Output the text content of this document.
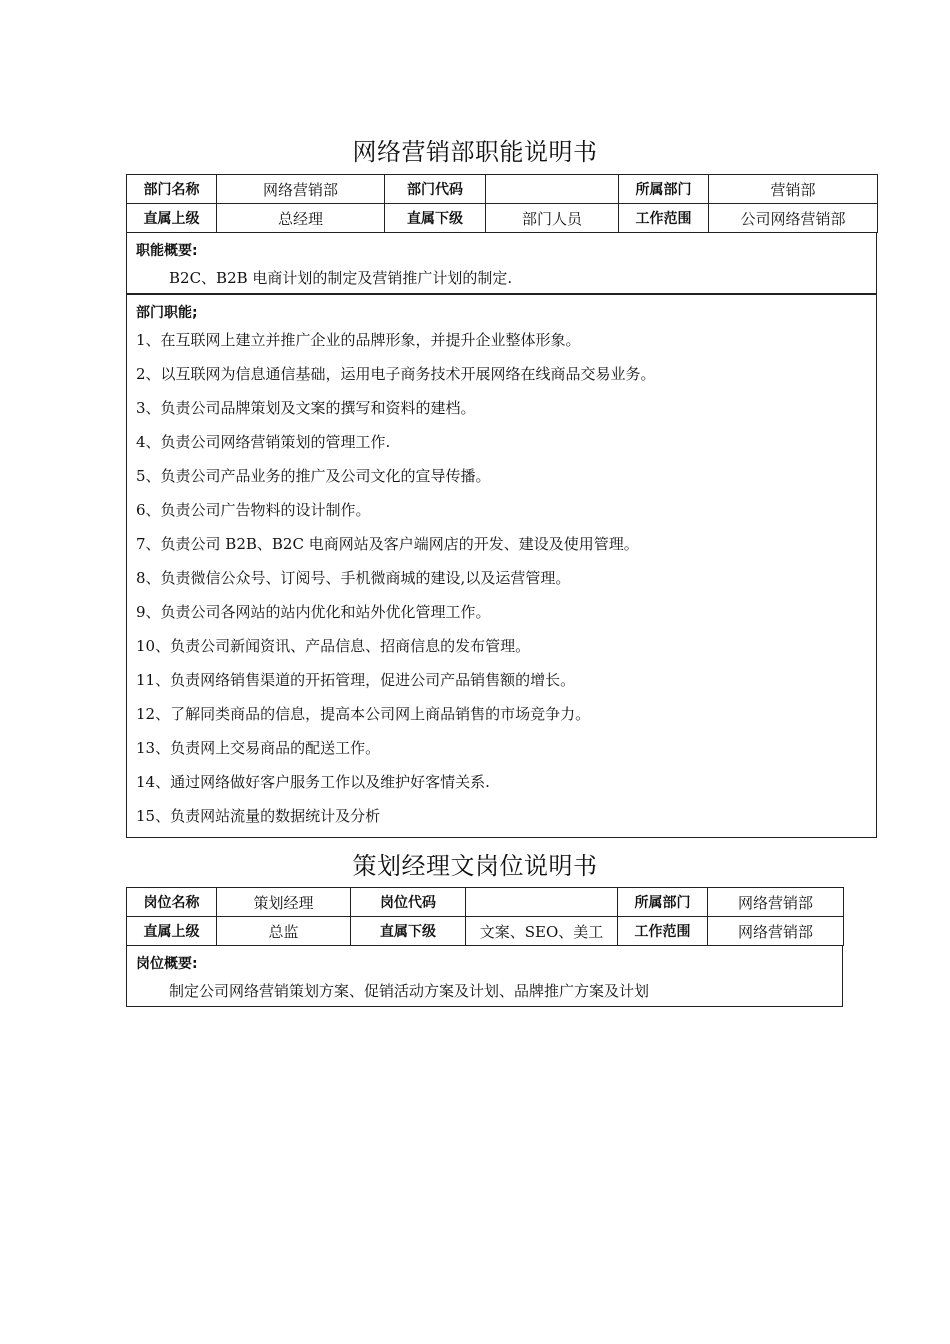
网络营销部职能说明书
部门名称	网络营销部	部门代码		所属部门	营销部
直属上级	总经理	直属下级	部门人员	工作范围	公司网络营销部
职能概要:
B2C、B2B 电商计划的制定及营销推广计划的制定.
部门职能;
1、在互联网上建立并推广企业的品牌形象，并提升企业整体形象。
2、以互联网为信息通信基础，运用电子商务技术开展网络在线商品交易业务。
3、负责公司品牌策划及文案的撰写和资料的建档。
4、负责公司网络营销策划的管理工作.
5、负责公司产品业务的推广及公司文化的宣导传播。
6、负责公司广告物料的设计制作。
7、负责公司 B2B、B2C 电商网站及客户端网店的开发、建设及使用管理。
8、负责微信公众号、订阅号、手机微商城的建设,以及运营管理。
9、负责公司各网站的站内优化和站外优化管理工作。
10、负责公司新闻资讯、产品信息、招商信息的发布管理。
11、负责网络销售渠道的开拓管理，促进公司产品销售额的增长。
12、了解同类商品的信息，提高本公司网上商品销售的市场竞争力。
13、负责网上交易商品的配送工作。
14、通过网络做好客户服务工作以及维护好客情关系.
15、负责网站流量的数据统计及分析
策划经理文岗位说明书
岗位名称	策划经理	岗位代码		所属部门	网络营销部
直属上级	总监	直属下级	文案、SEO、美工	工作范围	网络营销部
岗位概要:
制定公司网络营销策划方案、促销活动方案及计划、品牌推广方案及计划
